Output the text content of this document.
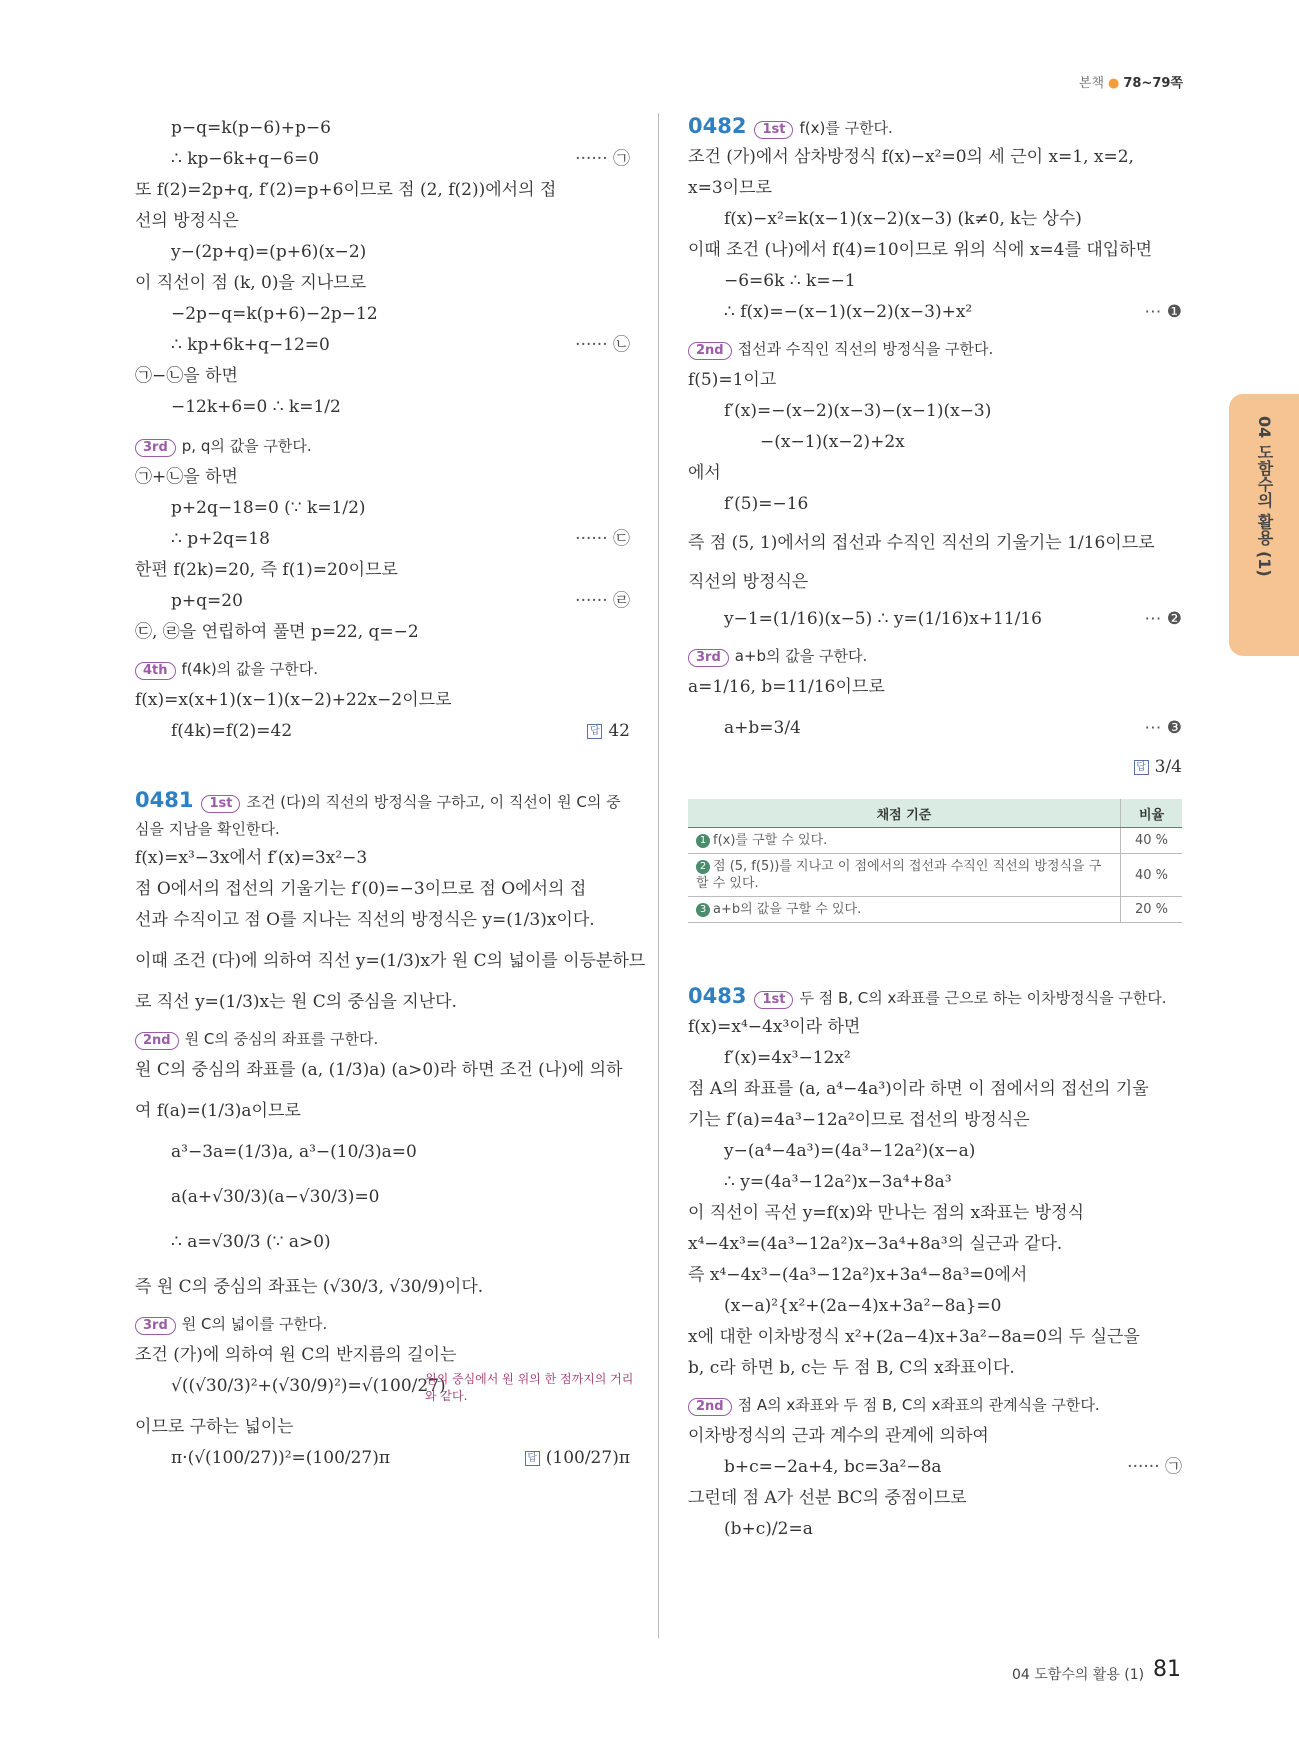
본책 ● 78~79쪽
p−q=k(p−6)+p−6
∴ kp−6k+q−6=0	······ ㉠
또 f(2)=2p+q, f′(2)=p+6이므로 점 (2, f(2))에서의 접
선의 방정식은
y−(2p+q)=(p+6)(x−2)
이 직선이 점 (k, 0)을 지나므로
−2p−q=k(p+6)−2p−12
∴ kp+6k+q−12=0	······ ㉡
㉠−㉡을 하면
−12k+6=0 ∴ k=1/2
3rd p, q의 값을 구한다.
㉠+㉡을 하면
p+2q−18=0 (∵ k=1/2)
∴ p+2q=18	······ ㉢
한편 f(2k)=20, 즉 f(1)=20이므로
p+q=20	······ ㉣
㉢, ㉣을 연립하여 풀면 p=22, q=−2
4th f(4k)의 값을 구한다.
f(x)=x(x+1)(x−1)(x−2)+22x−2이므로
f(4k)=f(2)=42	답 42
0481 1st 조건 (다)의 직선의 방정식을 구하고, 이 직선이 원 C의 중심을 지남을 확인한다.
f(x)=x³−3x에서 f′(x)=3x²−3
점 O에서의 접선의 기울기는 f′(0)=−3이므로 점 O에서의 접
선과 수직이고 점 O를 지나는 직선의 방정식은 y=(1/3)x이다.
이때 조건 (다)에 의하여 직선 y=(1/3)x가 원 C의 넓이를 이등분하므
로 직선 y=(1/3)x는 원 C의 중심을 지난다.
2nd 원 C의 중심의 좌표를 구한다.
원 C의 중심의 좌표를 (a, (1/3)a) (a>0)라 하면 조건 (나)에 의하
여 f(a)=(1/3)a이므로
a³−3a=(1/3)a, a³−(10/3)a=0
a(a+√30/3)(a−√30/3)=0
∴ a=√30/3 (∵ a>0)
즉 원 C의 중심의 좌표는 (√30/3, √30/9)이다.
3rd 원 C의 넓이를 구한다.
조건 (가)에 의하여 원 C의 반지름의 길이는
√((√30/3)²+(√30/9)²)=√(100/27)
원의 중심에서 원 위의 한 점까지의 거리와 같다.
이므로 구하는 넓이는
π·(√(100/27))²=(100/27)π	답 (100/27)π
0482 1st f(x)를 구한다.
조건 (가)에서 삼차방정식 f(x)−x²=0의 세 근이 x=1, x=2,
x=3이므로
f(x)−x²=k(x−1)(x−2)(x−3) (k≠0, k는 상수)
이때 조건 (나)에서 f(4)=10이므로 위의 식에 x=4를 대입하면
−6=6k ∴ k=−1
∴ f(x)=−(x−1)(x−2)(x−3)+x²	⋯ ❶
2nd 접선과 수직인 직선의 방정식을 구한다.
f(5)=1이고
f′(x)=−(x−2)(x−3)−(x−1)(x−3)
−(x−1)(x−2)+2x
에서
f′(5)=−16
즉 점 (5, 1)에서의 접선과 수직인 직선의 기울기는 1/16이므로
직선의 방정식은
y−1=(1/16)(x−5) ∴ y=(1/16)x+11/16	⋯ ❷
3rd a+b의 값을 구한다.
a=1/16, b=11/16이므로
a+b=3/4	⋯ ❸
답 3/4

채점 기준	비율
1 f(x)를 구할 수 있다.	40 %
2 점 (5, f(5))를 지나고 이 점에서의 접선과 수직인 직선의 방정식을 구할 수 있다.	40 %
3 a+b의 값을 구할 수 있다.	20 %
0483 1st 두 점 B, C의 x좌표를 근으로 하는 이차방정식을 구한다.
f(x)=x⁴−4x³이라 하면
f′(x)=4x³−12x²
점 A의 좌표를 (a, a⁴−4a³)이라 하면 이 점에서의 접선의 기울
기는 f′(a)=4a³−12a²이므로 접선의 방정식은
y−(a⁴−4a³)=(4a³−12a²)(x−a)
∴ y=(4a³−12a²)x−3a⁴+8a³
이 직선이 곡선 y=f(x)와 만나는 점의 x좌표는 방정식
x⁴−4x³=(4a³−12a²)x−3a⁴+8a³의 실근과 같다.
즉 x⁴−4x³−(4a³−12a²)x+3a⁴−8a³=0에서
(x−a)²{x²+(2a−4)x+3a²−8a}=0
x에 대한 이차방정식 x²+(2a−4)x+3a²−8a=0의 두 실근을
b, c라 하면 b, c는 두 점 B, C의 x좌표이다.
2nd 점 A의 x좌표와 두 점 B, C의 x좌표의 관계식을 구한다.
이차방정식의 근과 계수의 관계에 의하여
b+c=−2a+4, bc=3a²−8a	······ ㉠
그런데 점 A가 선분 BC의 중점이므로
(b+c)/2=a
04 도함수의 활용 (1)
04 도함수의 활용 (1) 81
